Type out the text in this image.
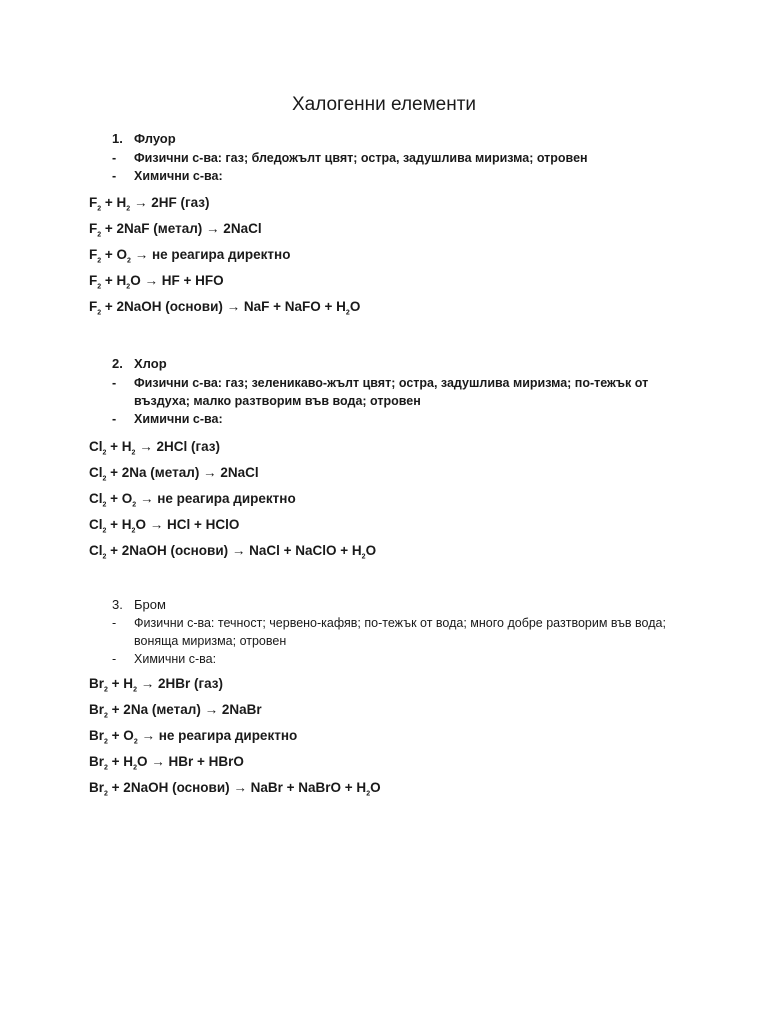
Халогенни елементи
1. Флуор
- Физични с-ва: газ; бледожълт цвят; остра, задушлива миризма; отровен
- Химични с-ва:
$F_2 + H_2 \to 2HF$ (газ)
$F_2 + 2NaF$ (метал) → 2NaCl
$F_2 + O_2$ → не реагира директно
$F_2 + H_2O$ → HF + HFO
$F_2$ + 2NaOH (основи) → NaF + NaFO + $H_2O$
2. Хлор
- Физични с-ва: газ; зеленикаво-жълт цвят; остра, задушлива миризма; по-тежък от въздуха; малко разтворим във вода; отровен
- Химични с-ва:
$Cl_2 + H_2 \to 2HCl$ (газ)
$Cl_2 + 2Na$ (метал) → 2NaCl
$Cl_2 + O_2$ → не реагира директно
$Cl_2 + H_2O$ → HCl + HClO
$Cl_2$ + 2NaOH (основи) → NaCl + NaClO + $H_2O$
3. Бром
- Физични с-ва: течност; червено-кафяв; по-тежък от вода; много добре разтворим във вода; воняща миризма; отровен
- Химични с-ва:
$Br_2 + H_2 \to 2HBr$ (газ)
$Br_2 + 2Na$ (метал) → 2NaBr
$Br_2 + O_2$ → не реагира директно
$Br_2 + H_2O$ → HBr + HBrO
$Br_2$ + 2NaOH (основи) → NaBr + NaBrO + $H_2O$
